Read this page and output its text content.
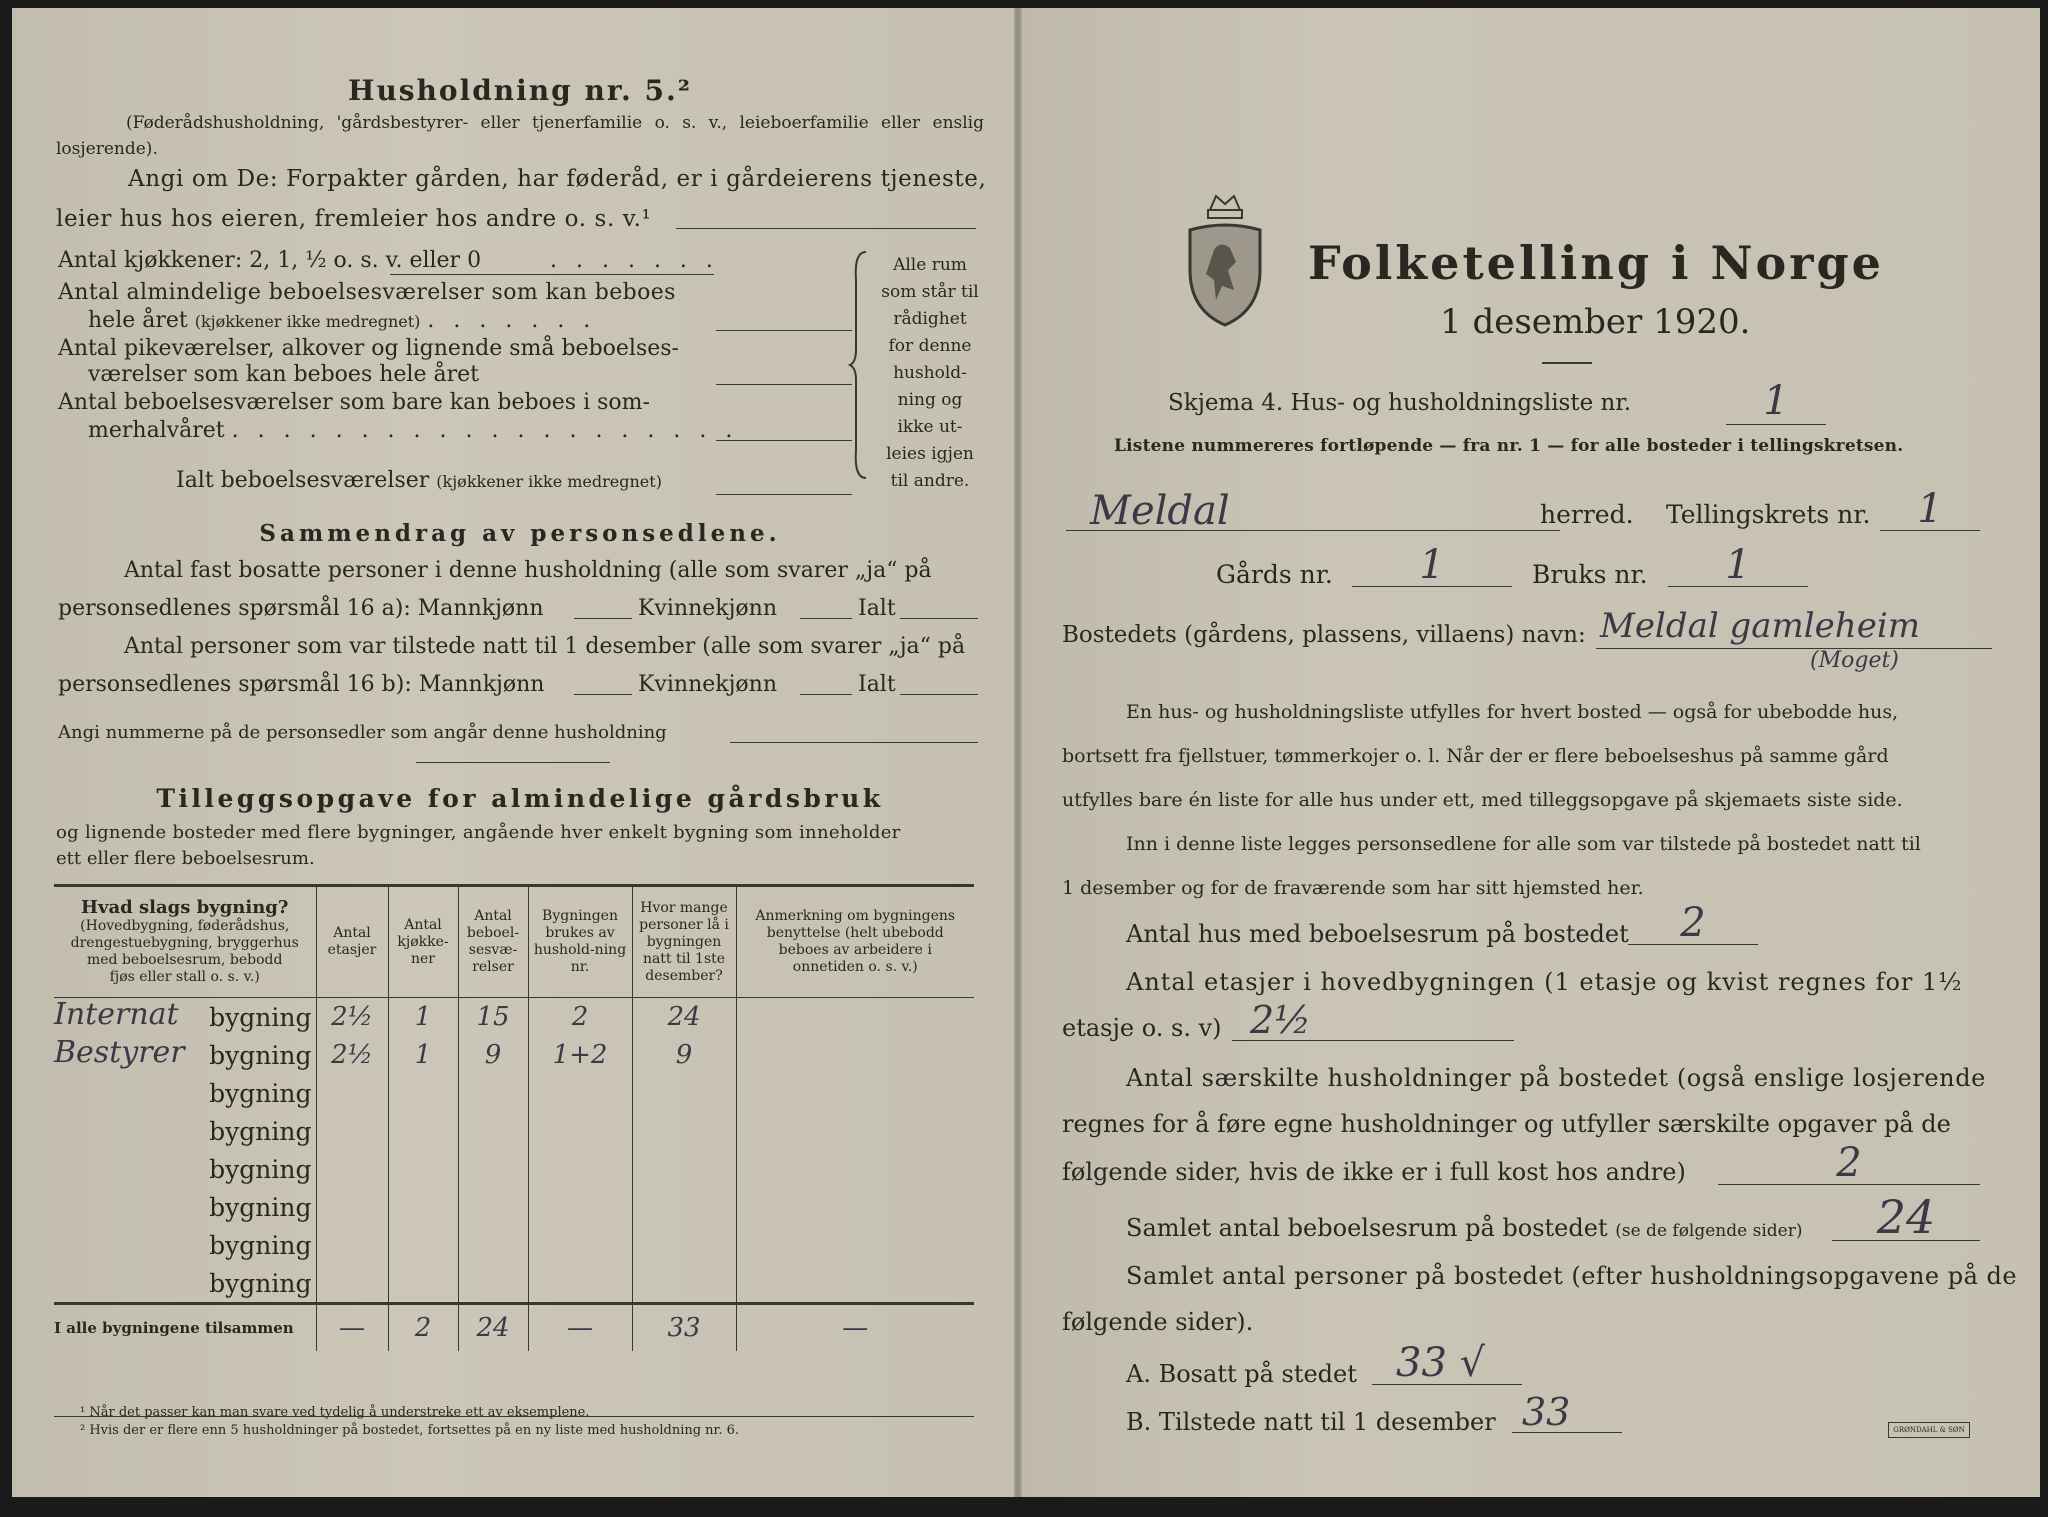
Husholdning nr. 5.²
(Føderådshusholdning, 'gårdsbestyrer- eller tjenerfamilie o. s. v., leieboerfamilie eller enslig losjerende).
Angi om De: Forpakter gården, har føderåd, er i gårdeierens tjeneste,
leier hus hos eieren, fremleier hos andre o. s. v.¹
Antal kjøkkener: 2, 1, ½ o. s. v. eller 0	. . . . . . .
Antal almindelige beboelsesværelser som kan beboes
hele året (kjøkkener ikke medregnet) . . . . . . .
Antal pikeværelser, alkover og lignende små beboelses-
værelser som kan beboes hele året
Antal beboelsesværelser som bare kan beboes i som-
merhalvåret . . . . . . . . . . . . . . . . . . . .
Ialt beboelsesværelser (kjøkkener ikke medregnet)
Alle rum
som står til
rådighet
for denne
hushold-
ning og
ikke ut-
leies igjen
til andre.
Sammendrag av personsedlene.
Antal fast bosatte personer i denne husholdning (alle som svarer „ja“ på
personsedlenes spørsmål 16 a): Mannkjønn	Kvinnekjønn	Ialt
Antal personer som var tilstede natt til 1 desember (alle som svarer „ja“ på
personsedlenes spørsmål 16 b): Mannkjønn	Kvinnekjønn	Ialt
Angi nummerne på de personsedler som angår denne husholdning
Tilleggsopgave for almindelige gårdsbruk
og lignende bosteder med flere bygninger, angående hver enkelt bygning som inneholder
ett eller flere beboelsesrum.
Hvad slags bygning?
(Hovedbygning, føderådshus,
drengestuebygning, bryggerhus
med beboelsesrum, bebodd
fjøs eller stall o. s. v.)	Antal etasjer	Antal kjøkke-ner	Antal beboel-sesvæ-relser	Bygningen brukes av hushold-ning nr.	Hvor mange personer lå i bygningen natt til 1ste desember?	Anmerkning om bygningens benyttelse (helt ubebodd beboes av arbeidere i onnetiden o. s. v.)

Internat bygning	2½	1	15	2	24	

Bestyrer bygning	2½	1	9	1+2	9	

bygning						

bygning						

bygning						

bygning						

bygning						

bygning						
I alle bygningene tilsammen	—	2	24	—	33	—
¹ Når det passer kan man svare ved tydelig å understreke ett av eksemplene.
² Hvis der er flere enn 5 husholdninger på bostedet, fortsettes på en ny liste med husholdning nr. 6.
Folketelling i Norge
1 desember 1920.
Skjema 4. Hus- og husholdningsliste nr.	1
Listene nummereres fortløpende — fra nr. 1 — for alle bosteder i tellingskretsen.
Meldal	herred. Tellingskrets nr.	1
Gårds nr.	1	Bruks nr.	1
Bostedets (gårdens, plassens, villaens) navn: Meldal gamleheim
(Moget)
En hus- og husholdningsliste utfylles for hvert bosted — også for ubebodde hus,
bortsett fra fjellstuer, tømmerkojer o. l. Når der er flere beboelseshus på samme gård
utfylles bare én liste for alle hus under ett, med tilleggsopgave på skjemaets siste side.
Inn i denne liste legges personsedlene for alle som var tilstede på bostedet natt til
1 desember og for de fraværende som har sitt hjemsted her.
Antal hus med beboelsesrum på bostedet	2
Antal etasjer i hovedbygningen (1 etasje og kvist regnes for 1½
etasje o. s. v) 2½
Antal særskilte husholdninger på bostedet (også enslige losjerende
regnes for å føre egne husholdninger og utfyller særskilte opgaver på de
følgende sider, hvis de ikke er i full kost hos andre)	2
Samlet antal beboelsesrum på bostedet (se de følgende sider)	24
Samlet antal personer på bostedet (efter husholdningsopgavene på de
følgende sider).
A. Bosatt på stedet 33 √
B. Tilstede natt til 1 desember 33	GRØNDAHL & SØN
